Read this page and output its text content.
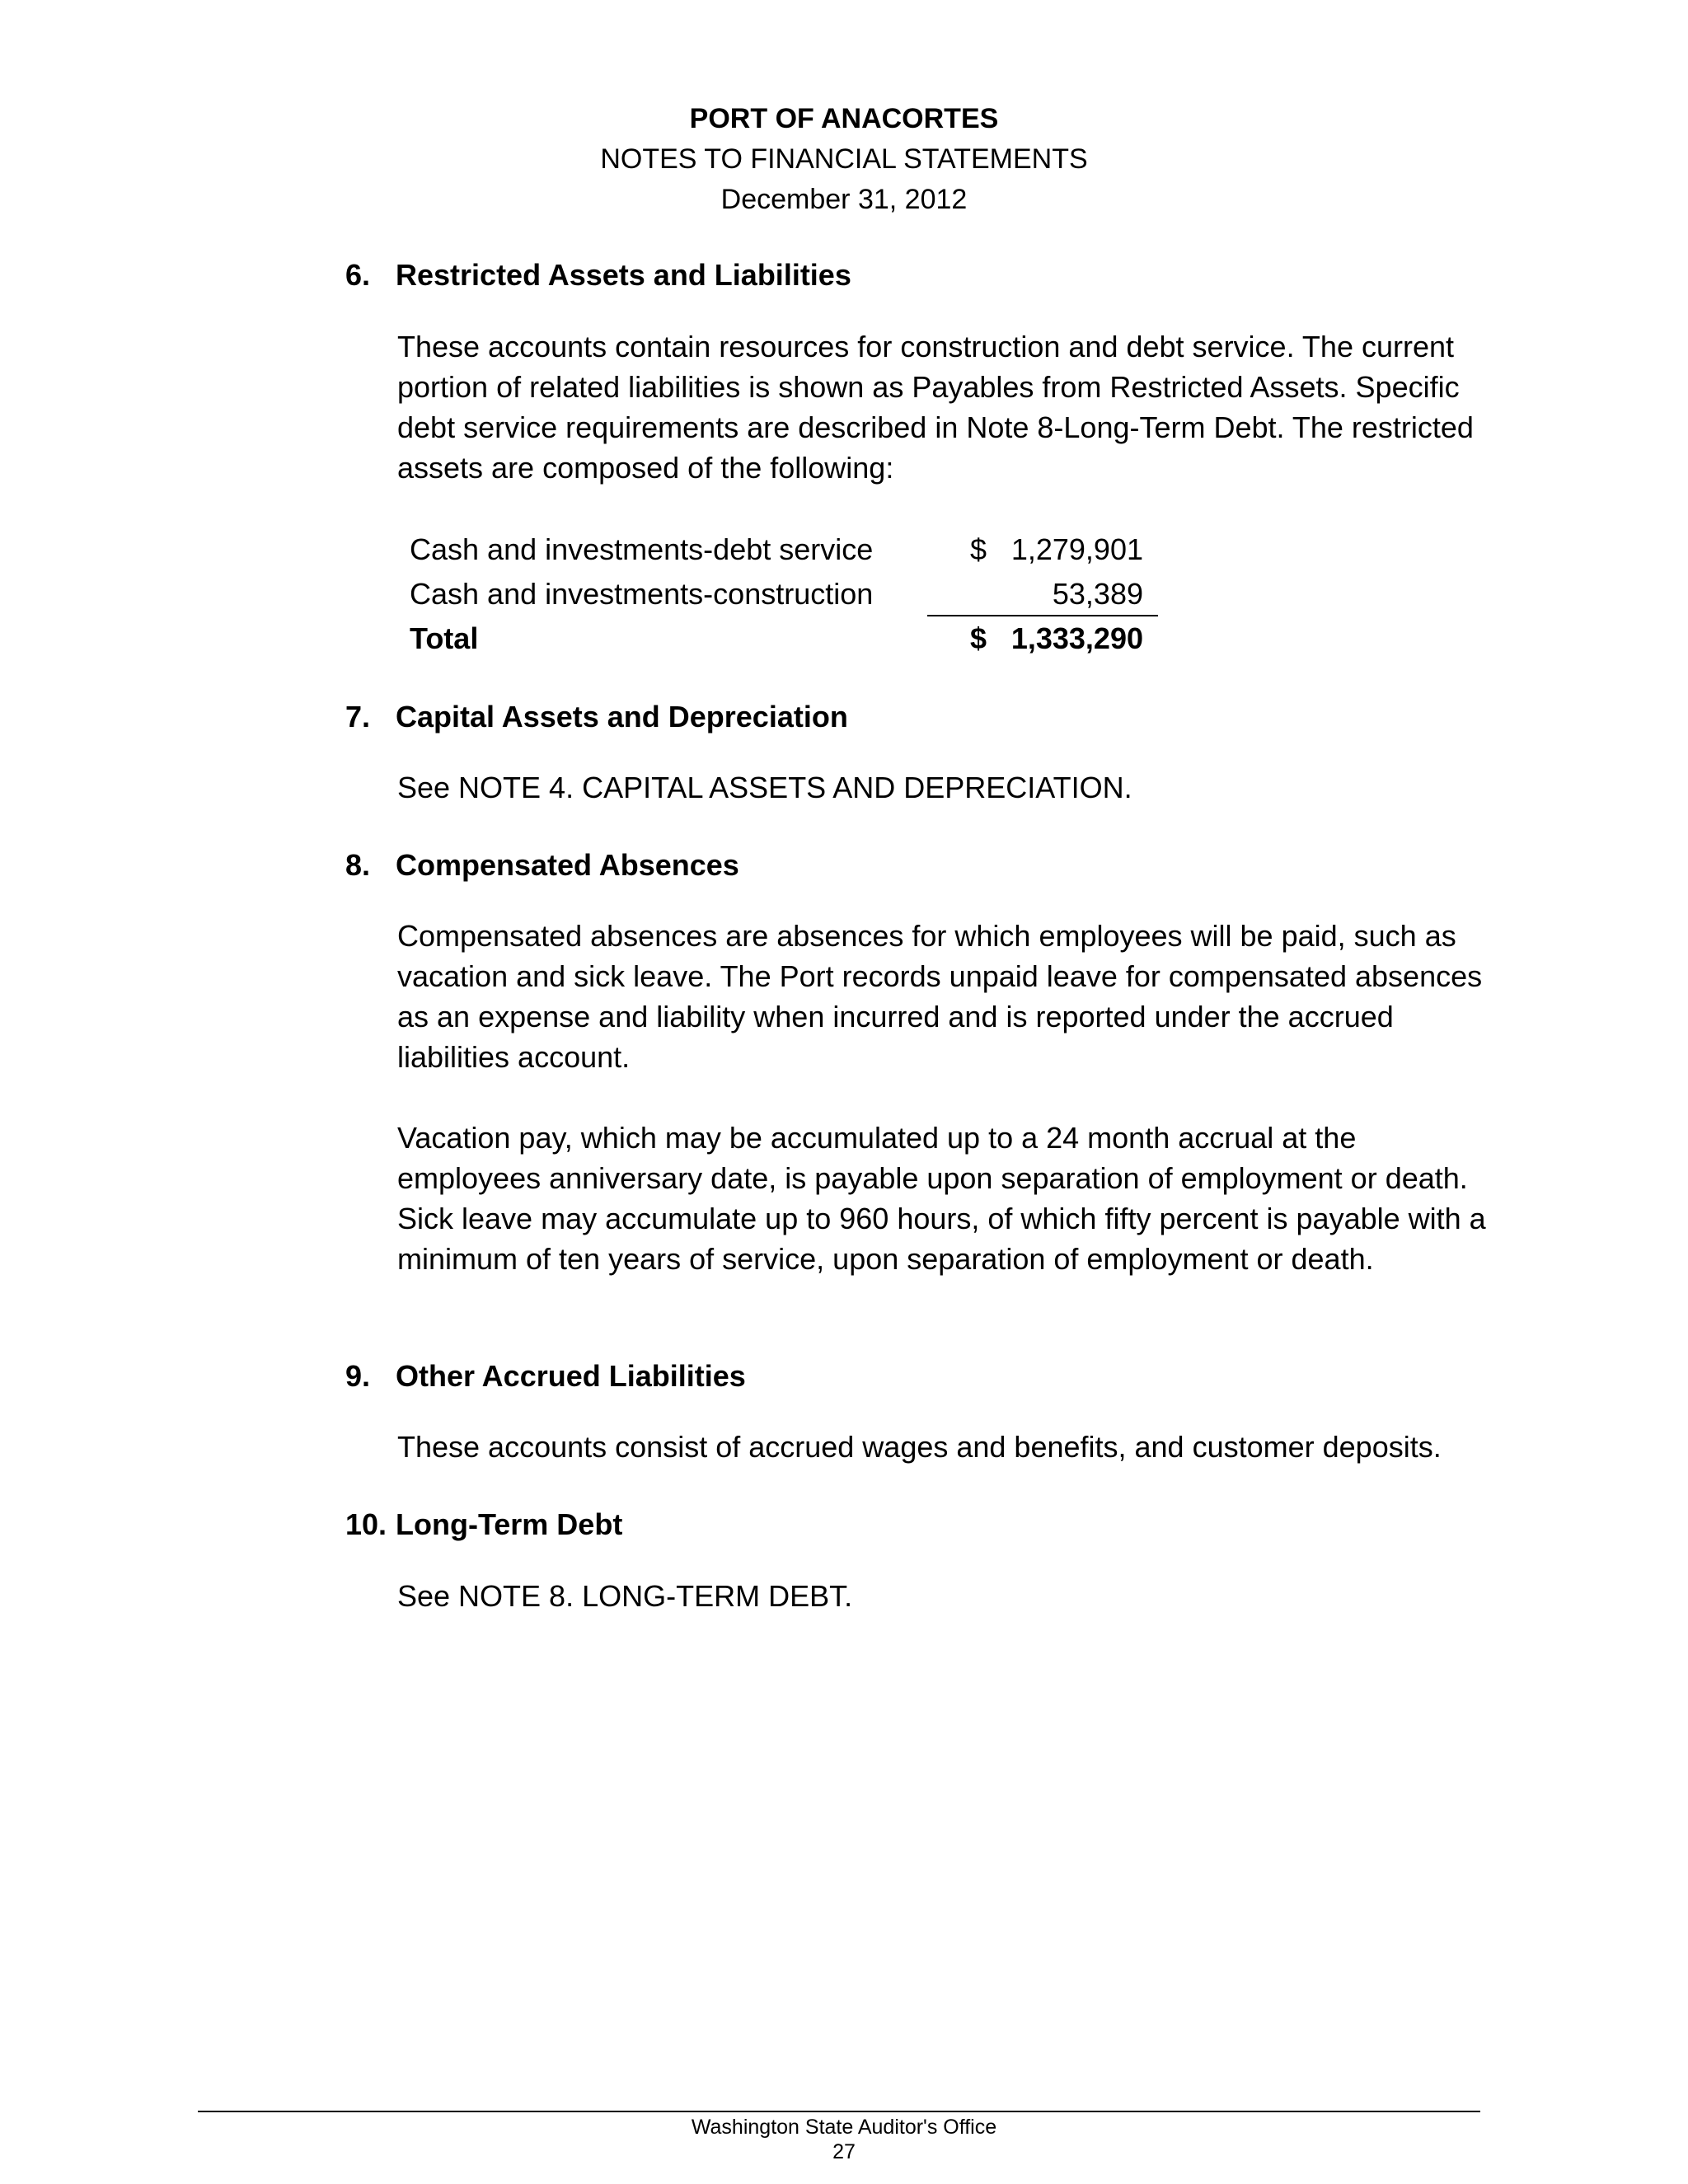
PORT OF ANACORTES
NOTES TO FINANCIAL STATEMENTS
December 31, 2012
6. Restricted Assets and Liabilities
These accounts contain resources for construction and debt service. The current portion of related liabilities is shown as Payables from Restricted Assets. Specific debt service requirements are described in Note 8-Long-Term Debt. The restricted assets are composed of the following:
Cash and investments-debt service	$ 1,279,901
Cash and investments-construction	53,389
Total	$ 1,333,290
7. Capital Assets and Depreciation
See NOTE 4. CAPITAL ASSETS AND DEPRECIATION.
8. Compensated Absences
Compensated absences are absences for which employees will be paid, such as vacation and sick leave. The Port records unpaid leave for compensated absences as an expense and liability when incurred and is reported under the accrued liabilities account.
Vacation pay, which may be accumulated up to a 24 month accrual at the employees anniversary date, is payable upon separation of employment or death. Sick leave may accumulate up to 960 hours, of which fifty percent is payable with a minimum of ten years of service, upon separation of employment or death.
9. Other Accrued Liabilities
These accounts consist of accrued wages and benefits, and customer deposits.
10. Long-Term Debt
See NOTE 8. LONG-TERM DEBT.
Washington State Auditor's Office
27
